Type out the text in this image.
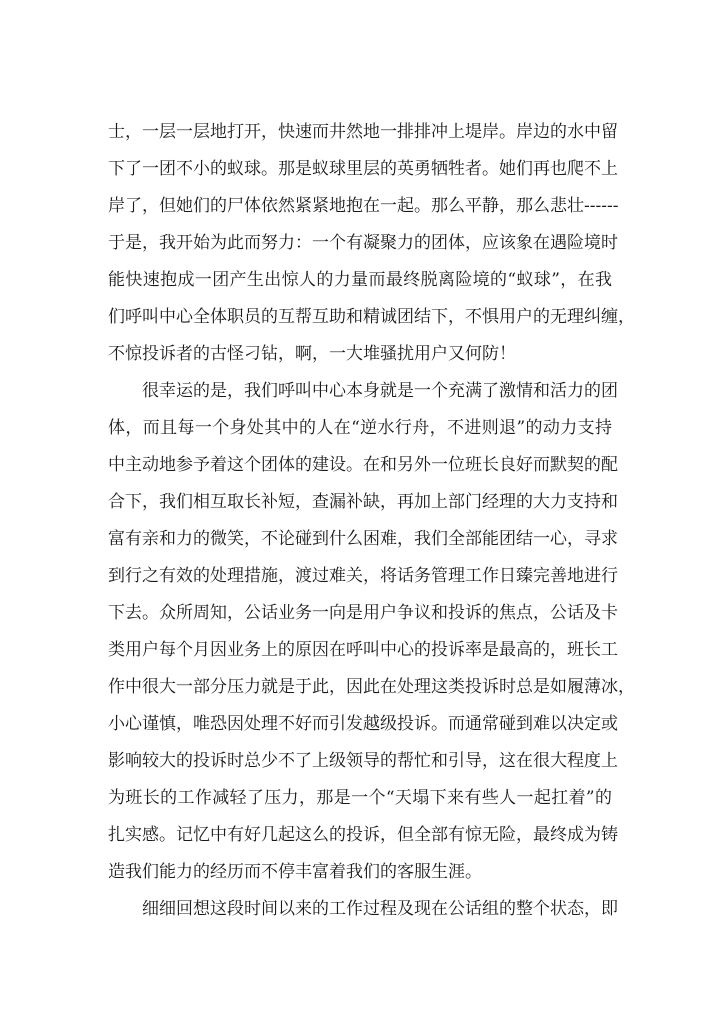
士，一层一层地打开，快速而井然地一排排冲上堤岸。岸边的水中留
下了一团不小的蚁球。那是蚁球里层的英勇牺牲者。她们再也爬不上
岸了，但她们的尸体依然紧紧地抱在一起。那么平静，那么悲壮------
于是，我开始为此而努力：一个有凝聚力的团体，应该象在遇险境时
能快速抱成一团产生出惊人的力量而最终脱离险境的“蚁球”，在我
们呼叫中心全体职员的互帮互助和精诚团结下，不惧用户的无理纠缠，
不惊投诉者的古怪刁钻，啊，一大堆骚扰用户又何防！
很幸运的是，我们呼叫中心本身就是一个充满了激情和活力的团
体，而且每一个身处其中的人在“逆水行舟，不进则退”的动力支持
中主动地参予着这个团体的建设。在和另外一位班长良好而默契的配
合下，我们相互取长补短，查漏补缺，再加上部门经理的大力支持和
富有亲和力的微笑，不论碰到什么困难，我们全部能团结一心，寻求
到行之有效的处理措施，渡过难关，将话务管理工作日臻完善地进行
下去。众所周知，公话业务一向是用户争议和投诉的焦点，公话及卡
类用户每个月因业务上的原因在呼叫中心的投诉率是最高的，班长工
作中很大一部分压力就是于此，因此在处理这类投诉时总是如履薄冰，
小心谨慎，唯恐因处理不好而引发越级投诉。而通常碰到难以决定或
影响较大的投诉时总少不了上级领导的帮忙和引导，这在很大程度上
为班长的工作减轻了压力，那是一个“天塌下来有些人一起扛着”的
扎实感。记忆中有好几起这么的投诉，但全部有惊无险，最终成为铸
造我们能力的经历而不停丰富着我们的客服生涯。
细细回想这段时间以来的工作过程及现在公话组的整个状态，即
